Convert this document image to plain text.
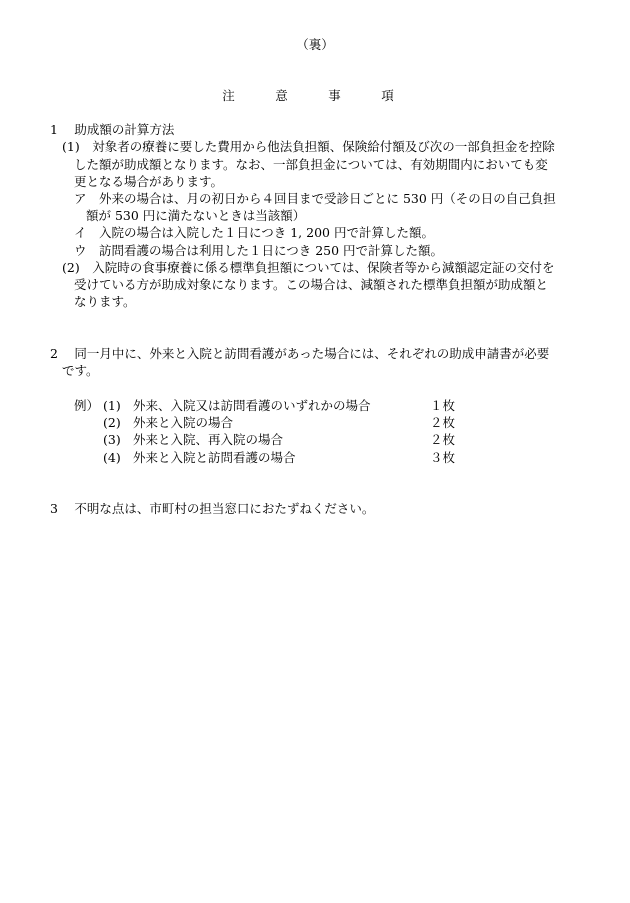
（裏）
注　意　事　項
1　 助成額の計算方法
(1)　対象者の療養に要した費用から他法負担額、保険給付額及び次の一部負担金を控除
した額が助成額となります。なお、一部負担金については、有効期間内においても変
更となる場合があります。
ア　外来の場合は、月の初日から４回目まで受診日ごとに 530 円（その日の自己負担
額が 530 円に満たないときは当該額）
イ　入院の場合は入院した１日につき 1, 200 円で計算した額。
ウ　訪問看護の場合は利用した１日につき 250 円で計算した額。
(2)　入院時の食事療養に係る標準負担額については、保険者等から減額認定証の交付を
受けている方が助成対象になります。この場合は、減額された標準負担額が助成額と
なります。
2　 同一月中に、外来と入院と訪問看護があった場合には、それぞれの助成申請書が必要
です。
例） (1) 外来、入院又は訪問看護のいずれかの場合	１枚
(2) 外来と入院の場合	２枚
(3) 外来と入院、再入院の場合	２枚
(4) 外来と入院と訪問看護の場合	３枚
3　 不明な点は、市町村の担当窓口におたずねください。
